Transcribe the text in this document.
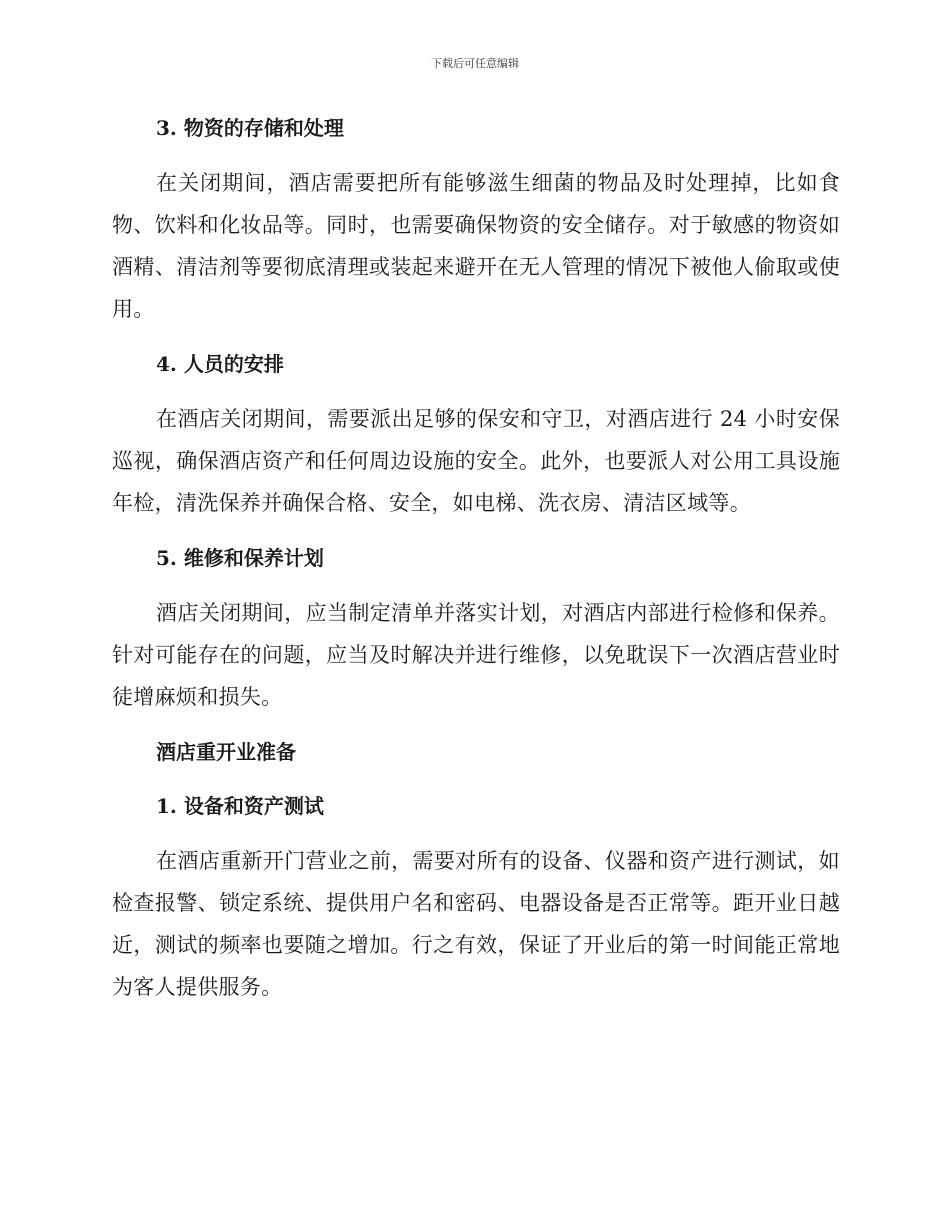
下载后可任意编辑
3. 物资的存储和处理

在关闭期间，酒店需要把所有能够滋生细菌的物品及时处理掉，比如食物、饮料和化妆品等。同时，也需要确保物资的安全储存。对于敏感的物资如酒精、清洁剂等要彻底清理或装起来避开在无人管理的情况下被他人偷取或使用。

4. 人员的安排

在酒店关闭期间，需要派出足够的保安和守卫，对酒店进行 24 小时安保巡视，确保酒店资产和任何周边设施的安全。此外，也要派人对公用工具设施年检，清洗保养并确保合格、安全，如电梯、洗衣房、清洁区域等。

5. 维修和保养计划

酒店关闭期间，应当制定清单并落实计划，对酒店内部进行检修和保养。针对可能存在的问题，应当及时解决并进行维修，以免耽误下一次酒店营业时徒增麻烦和损失。

酒店重开业准备
1. 设备和资产测试

在酒店重新开门营业之前，需要对所有的设备、仪器和资产进行测试，如检查报警、锁定系统、提供用户名和密码、电器设备是否正常等。距开业日越近，测试的频率也要随之增加。行之有效，保证了开业后的第一时间能正常地为客人提供服务。
